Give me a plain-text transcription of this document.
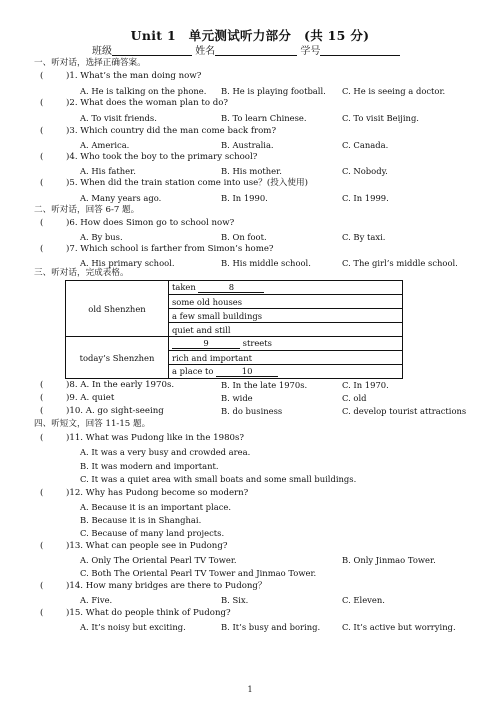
Unit 1　单元测试听力部分　(共 15 分)
班级	姓名	学号
一、听对话，选择正确答案。
(	)1. What’s the man doing now?
A. He is talking on the phone. B. He is playing football. C. He is seeing a doctor.
(	)2. What does the woman plan to do?
A. To visit friends.	B. To learn Chinese.	C. To visit Beijing.
(	)3. Which country did the man come back from?
A. America.	B. Australia.	C. Canada.
(	)4. Who took the boy to the primary school?
A. His father.	B. His mother.	C. Nobody.
(	)5. When did the train station come into use？(投入使用)
A. Many years ago.	B. In 1990.	C. In 1999.
二、听对话，回答 6-7 题。
(	)6. How does Simon go to school now?
A. By bus.	B. On foot.	C. By taxi.
(	)7. Which school is farther from Simon’s home?
A. His primary school.	B. His middle school.	C. The girl’s middle school.
三、听对话，完成表格。
old Shenzhen	taken 8
	some old houses
	a few small buildings
	quiet and still
today’s Shenzhen	9 streets
	rich and important
	a place to 10
(	)8. A. In the early 1970s.	B. In the late 1970s.	C. In 1970.
(	)9. A. quiet	B. wide	C. old
(	)10. A. go sight-seeing	B. do business	C. develop tourist attractions
四、听短文，回答 11-15 题。
(	)11. What was Pudong like in the 1980s?
A. It was a very busy and crowded area.
B. It was modern and important.
C. It was a quiet area with small boats and some small buildings.
(	)12. Why has Pudong become so modern?
A. Because it is an important place.
B. Because it is in Shanghai.
C. Because of many land projects.
(	)13. What can people see in Pudong?
A. Only The Oriental Pearl TV Tower.	B. Only Jinmao Tower.
C. Both The Oriental Pearl TV Tower and Jinmao Tower.
(	)14. How many bridges are there to Pudong？
A. Five.	B. Six.	C. Eleven.
(	)15. What do people think of Pudong?
A. It’s noisy but exciting.	B. It’s busy and boring.	C. It’s active but worrying.
1
